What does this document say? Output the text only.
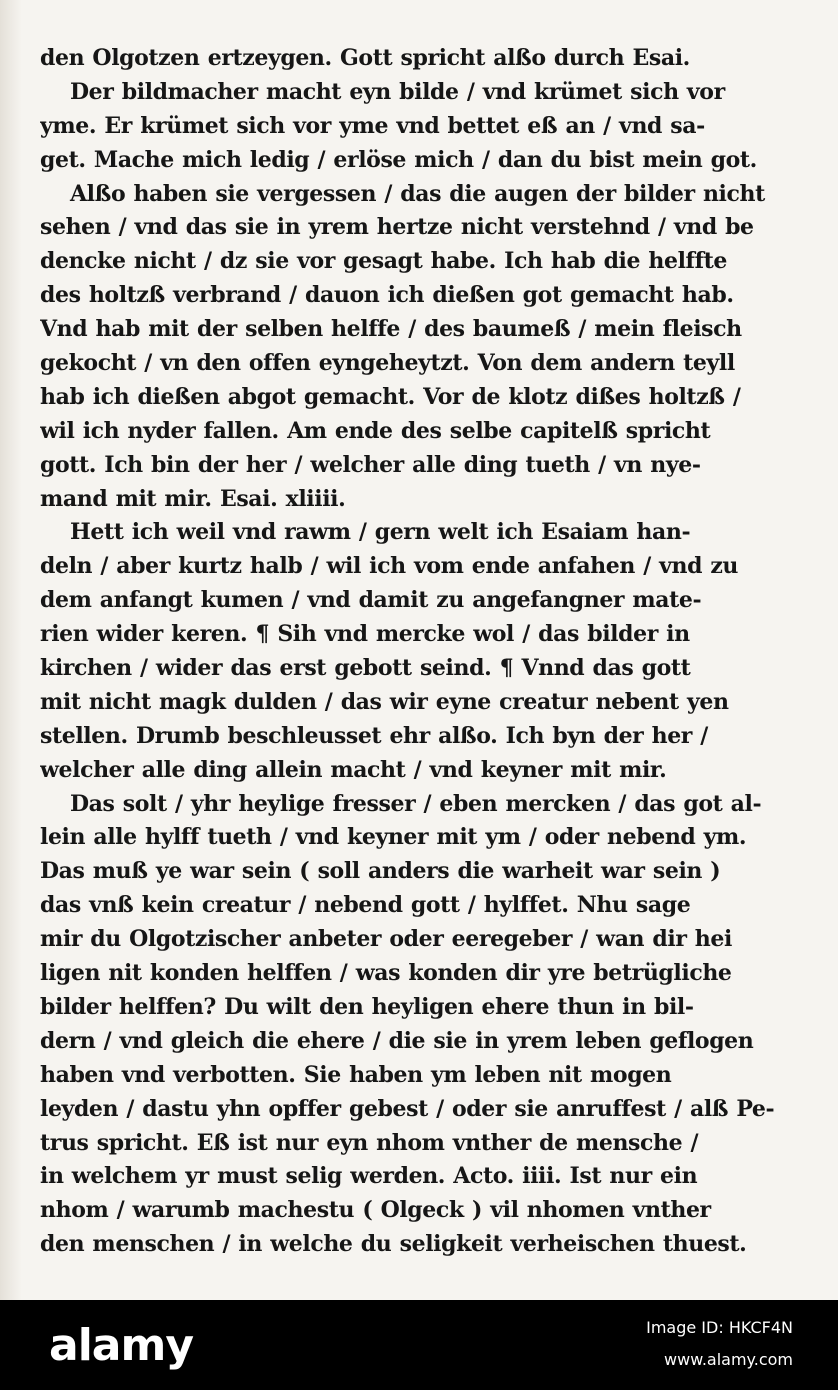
den Olgotzen ertzeygen. Gott spricht alßo durch Esai.
Der bildmacher macht eyn bilde / vnd krümet sich vor
yme. Er krümet sich vor yme vnd bettet eß an / vnd sa-
get. Mache mich ledig / erlöse mich / dan du bist mein got.
Alßo haben sie vergessen / das die augen der bilder nicht
sehen / vnd das sie in yrem hertze nicht verstehnd / vnd be
dencke nicht / dz sie vor gesagt habe. Ich hab die helffte
des holtzß verbrand / dauon ich dießen got gemacht hab.
Vnd hab mit der selben helffe / des baumeß / mein fleisch
gekocht / vn den offen eyngeheytzt. Von dem andern teyll
hab ich dießen abgot gemacht. Vor de klotz dißes holtzß /
wil ich nyder fallen. Am ende des selbe capitelß spricht
gott. Ich bin der her / welcher alle ding tueth / vn nye-
mand mit mir. Esai. xliiii.
Hett ich weil vnd rawm / gern welt ich Esaiam han-
deln / aber kurtz halb / wil ich vom ende anfahen / vnd zu
dem anfangt kumen / vnd damit zu angefangner mate-
rien wider keren. ¶ Sih vnd mercke wol / das bilder in
kirchen / wider das erst gebott seind. ¶ Vnnd das gott
mit nicht magk dulden / das wir eyne creatur nebent yen
stellen. Drumb beschleusset ehr alßo. Ich byn der her /
welcher alle ding allein macht / vnd keyner mit mir.
Das solt / yhr heylige fresser / eben mercken / das got al-
lein alle hylff tueth / vnd keyner mit ym / oder nebend ym.
Das muß ye war sein ( soll anders die warheit war sein )
das vnß kein creatur / nebend gott / hylffet. Nhu sage
mir du Olgotzischer anbeter oder eeregeber / wan dir hei
ligen nit konden helffen / was konden dir yre betrügliche
bilder helffen? Du wilt den heyligen ehere thun in bil-
dern / vnd gleich die ehere / die sie in yrem leben geflogen
haben vnd verbotten. Sie haben ym leben nit mogen
leyden / dastu yhn opffer gebest / oder sie anruffest / alß Pe-
trus spricht. Eß ist nur eyn nhom vnther de mensche /
in welchem yr must selig werden. Acto. iiii. Ist nur ein
nhom / warumb machestu ( Olgeck ) vil nhomen vnther
den menschen / in welche du seligkeit verheischen thuest.
alamy	Image ID: HKCF4N
www.alamy.com
